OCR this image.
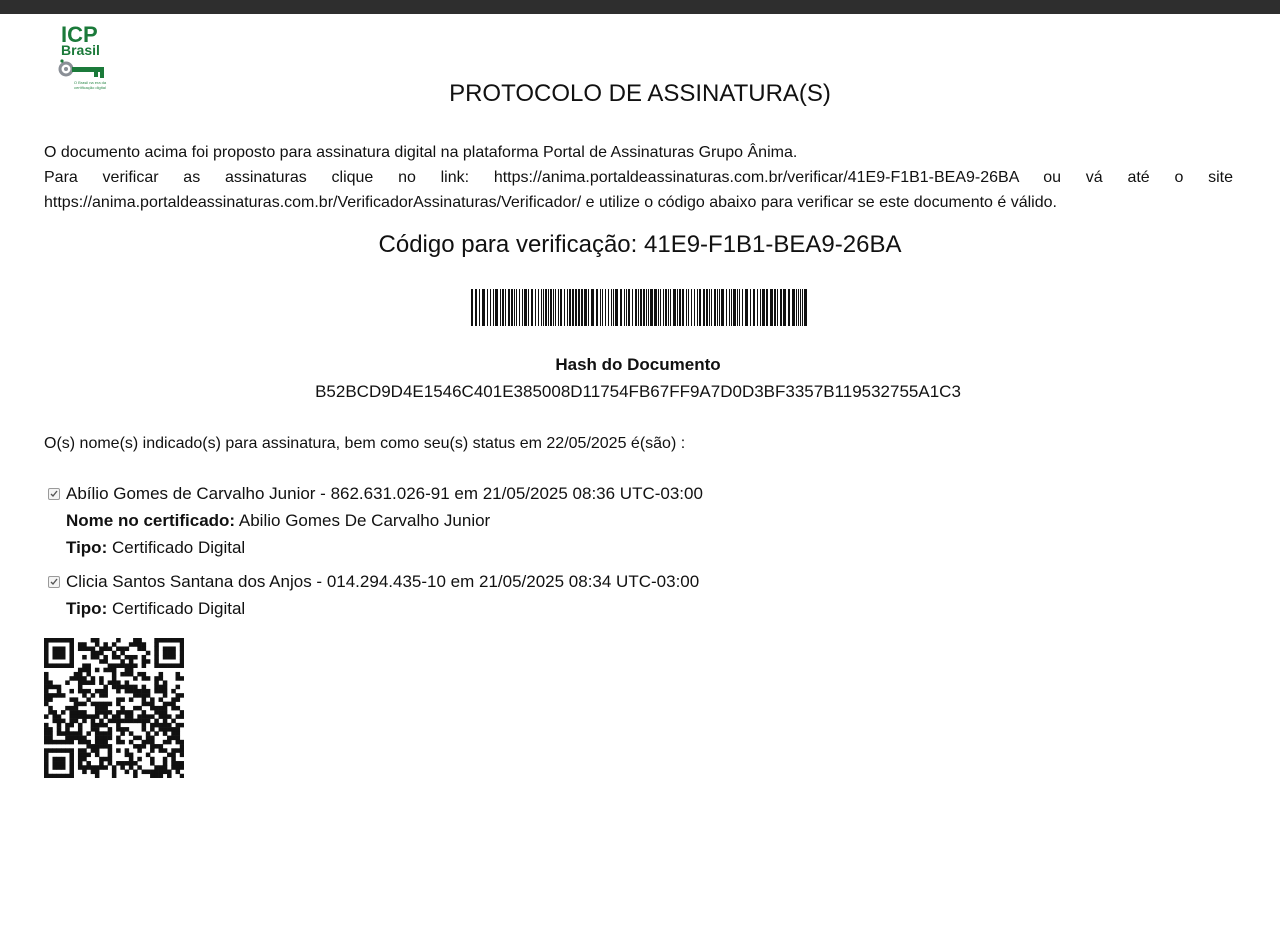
ICP
Brasil
O Brasil na era da certificação digital	PROTOCOLO DE ASSINATURA(S)

O documento acima foi proposto para assinatura digital na plataforma Portal de Assinaturas Grupo Ânima.

Para verificar as assinaturas clique no link: https://anima.portaldeassinaturas.com.br/verificar/41E9-F1B1-BEA9-26BA ou vá até o site https://anima.portaldeassinaturas.com.br/VerificadorAssinaturas/Verificador/ e utilize o código abaixo para verificar se este documento é válido.

Código para verificação: 41E9-F1B1-BEA9-26BA
Hash do Documento
B52BCD9D4E1546C401E385008D11754FB67FF9A7D0D3BF3357B119532755A1C3
O(s) nome(s) indicado(s) para assinatura, bem como seu(s) status em 22/05/2025 é(são) :
Abílio Gomes de Carvalho Junior - 862.631.026-91 em 21/05/2025 08:36 UTC-03:00
Nome no certificado: Abilio Gomes De Carvalho Junior
Tipo: Certificado Digital
Clicia Santos Santana dos Anjos - 014.294.435-10 em 21/05/2025 08:34 UTC-03:00
Tipo: Certificado Digital
